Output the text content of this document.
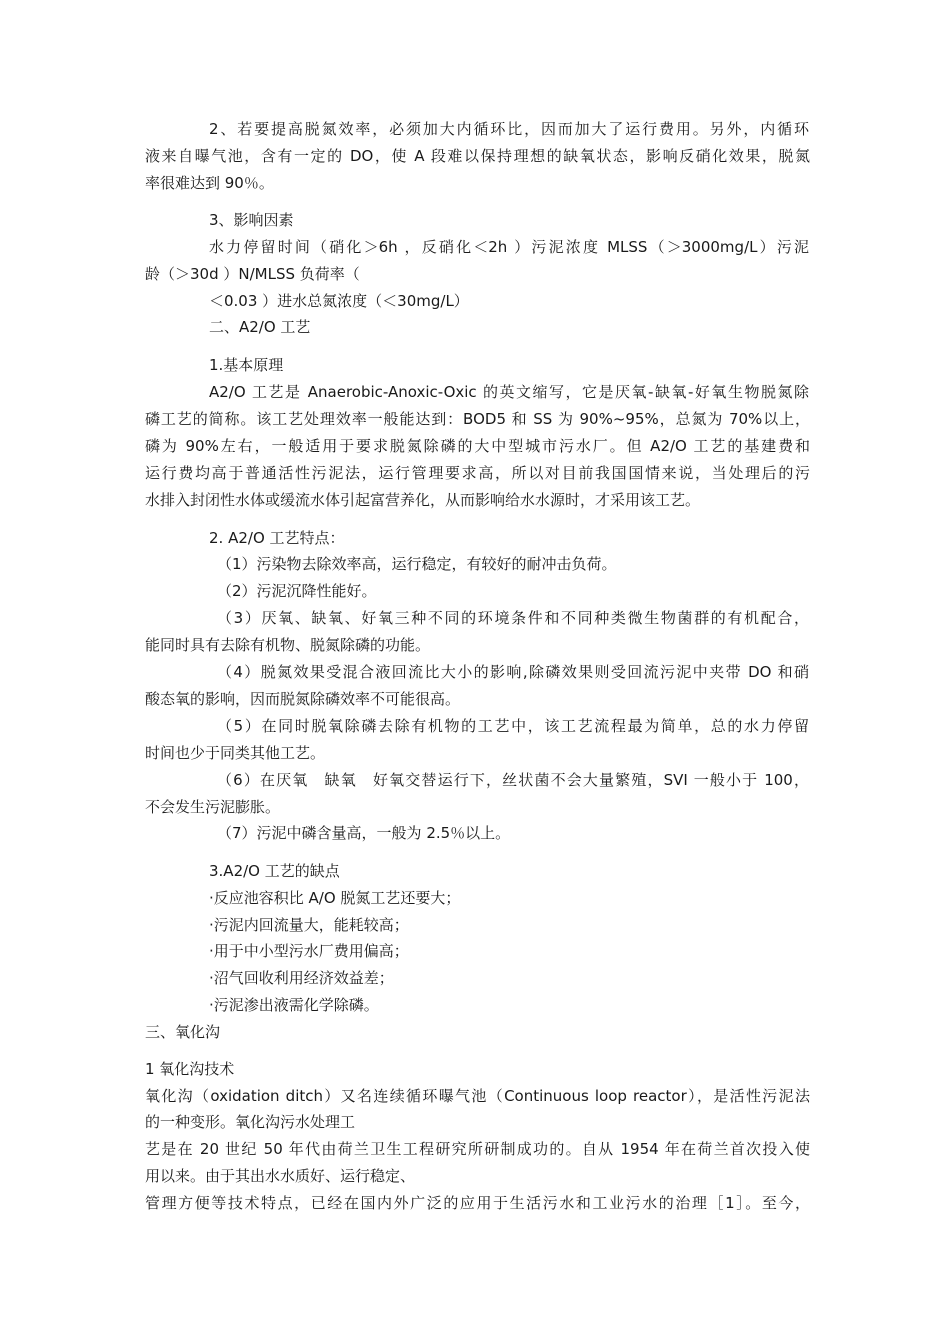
2、若要提高脱氮效率，必须加大内循环比，因而加大了运行费用。另外，内循环
液来自曝气池，含有一定的 DO，使 A 段难以保持理想的缺氧状态，影响反硝化效果，脱氮
率很难达到 90％。
3、影响因素
水力停留时间（硝化＞6h ，反硝化＜2h ）污泥浓度 MLSS（＞3000mg/L）污泥
龄（＞30d ）N/MLSS 负荷率（
＜0.03 ）进水总氮浓度（＜30mg/L）
二、A2/O 工艺
1.基本原理
A2/O 工艺是 Anaerobic-Anoxic-Oxic 的英文缩写，它是厌氧-缺氧-好氧生物脱氮除
磷工艺的简称。该工艺处理效率一般能达到：BOD5 和 SS 为 90%~95%，总氮为 70%以上，
磷为 90%左右，一般适用于要求脱氮除磷的大中型城市污水厂。但 A2/O 工艺的基建费和
运行费均高于普通活性污泥法，运行管理要求高，所以对目前我国国情来说，当处理后的污
水排入封闭性水体或缓流水体引起富营养化，从而影响给水水源时，才采用该工艺。
2. A2/O 工艺特点：
（1）污染物去除效率高，运行稳定，有较好的耐冲击负荷。
（2）污泥沉降性能好。
（3）厌氧、缺氧、好氧三种不同的环境条件和不同种类微生物菌群的有机配合，
能同时具有去除有机物、脱氮除磷的功能。
（4）脱氮效果受混合液回流比大小的影响,除磷效果则受回流污泥中夹带 DO 和硝
酸态氧的影响，因而脱氮除磷效率不可能很高。
（5）在同时脱氧除磷去除有机物的工艺中，该工艺流程最为简单，总的水力停留
时间也少于同类其他工艺。
（6）在厌氧　缺氧　好氧交替运行下，丝状菌不会大量繁殖，SVI 一般小于 100，
不会发生污泥膨胀。
（7）污泥中磷含量高，一般为 2.5％以上。
3.A2/O 工艺的缺点
·反应池容积比 A/O 脱氮工艺还要大；
·污泥内回流量大，能耗较高；
·用于中小型污水厂费用偏高；
·沼气回收利用经济效益差；
·污泥渗出液需化学除磷。
三、氧化沟
1 氧化沟技术
氧化沟（oxidation ditch）又名连续循环曝气池（Continuous loop reactor），是活性污泥法
的一种变形。氧化沟污水处理工
艺是在 20 世纪 50 年代由荷兰卫生工程研究所研制成功的。自从 1954 年在荷兰首次投入使
用以来。由于其出水水质好、运行稳定、
管理方便等技术特点，已经在国内外广泛的应用于生活污水和工业污水的治理［1］。至今，
